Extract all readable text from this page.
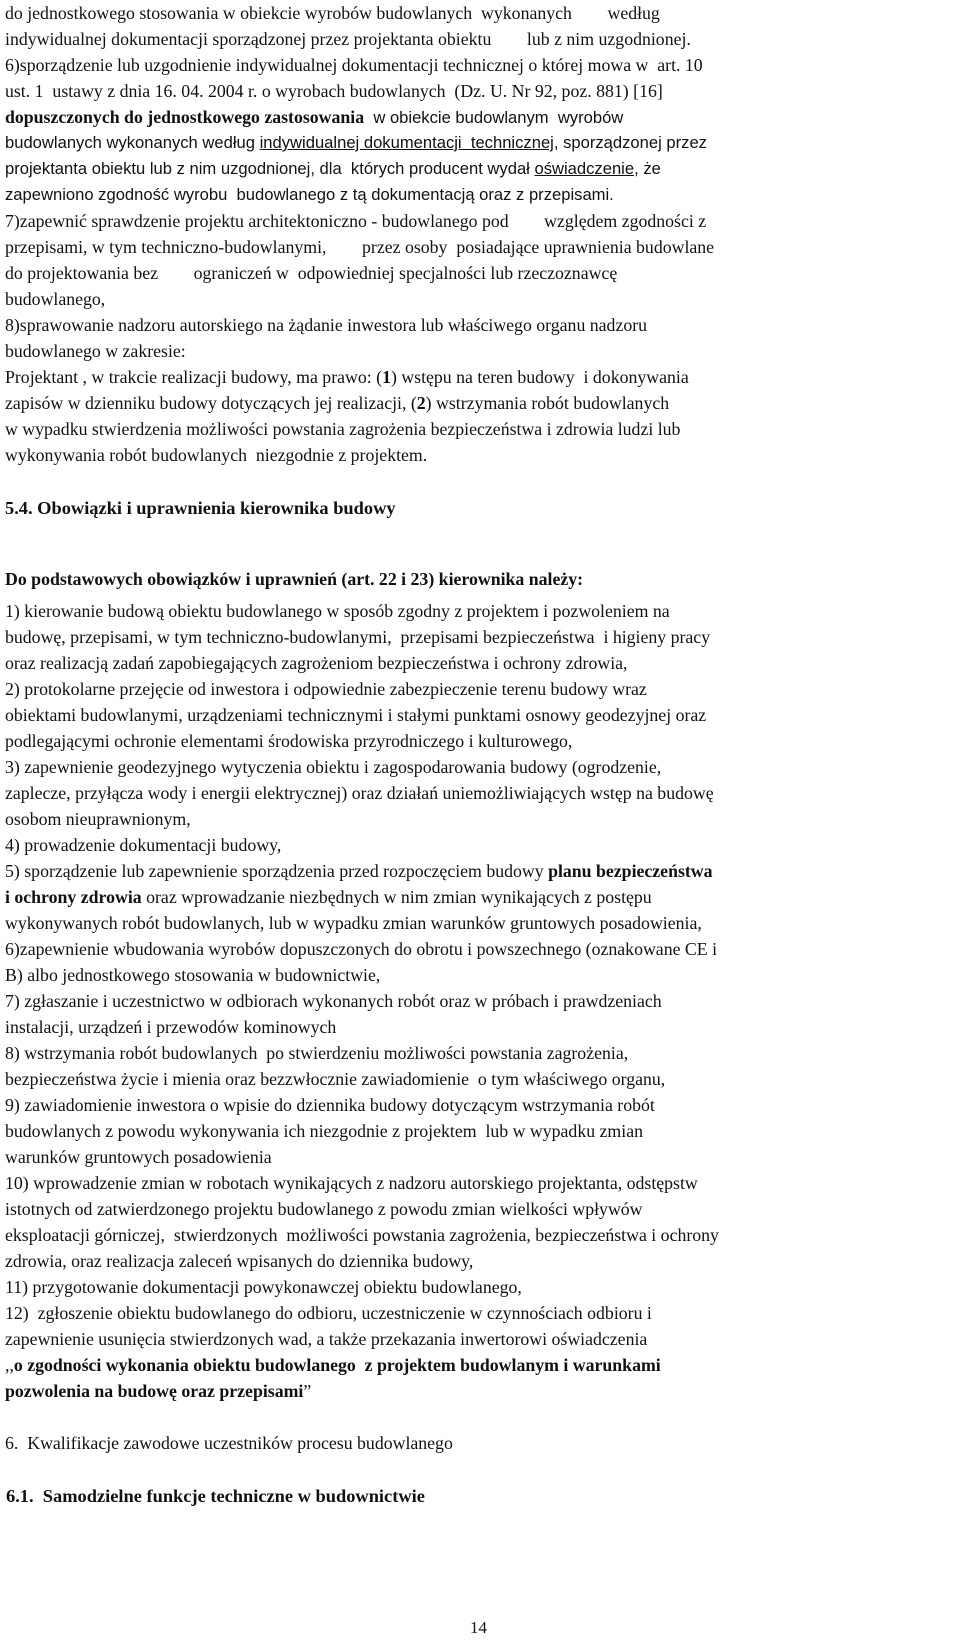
do jednostkowego stosowania w obiekcie wyrobów budowlanych  wykonanych        według

indywidualnej dokumentacji sporządzonej przez projektanta obiektu        lub z nim uzgodnionej.

6)sporządzenie lub uzgodnienie indywidualnej dokumentacji technicznej o której mowa w  art. 10

ust. 1  ustawy z dnia 16. 04. 2004 r. o wyrobach budowlanych  (Dz. U. Nr 92, poz. 881) [16]

dopuszczonych do jednostkowego zastosowania  w obiekcie budowlanym  wyrobów

budowlanych wykonanych według indywidualnej dokumentacji  technicznej, sporządzonej przez

projektanta obiektu lub z nim uzgodnionej, dla  których producent wydał oświadczenie, że

zapewniono zgodność wyrobu  budowlanego z tą dokumentacją oraz z przepisami.

7)zapewnić sprawdzenie projektu architektoniczno - budowlanego pod        względem zgodności z

przepisami, w tym techniczno-budowlanymi,        przez osoby  posiadające uprawnienia budowlane

do projektowania bez        ograniczeń w  odpowiedniej specjalności lub rzeczoznawcę

budowlanego,

8)sprawowanie nadzoru autorskiego na żądanie inwestora lub właściwego organu nadzoru

budowlanego w zakresie:

Projektant , w trakcie realizacji budowy, ma prawo: (1) wstępu na teren budowy  i dokonywania

zapisów w dzienniku budowy dotyczących jej realizacji, (2) wstrzymania robót budowlanych

w wypadku stwierdzenia możliwości powstania zagrożenia bezpieczeństwa i zdrowia ludzi lub

wykonywania robót budowlanych  niezgodnie z projektem.

5.4. Obowiązki i uprawnienia kierownika budowy

Do podstawowych obowiązków i uprawnień (art. 22 i 23) kierownika należy:

1) kierowanie budową obiektu budowlanego w sposób zgodny z projektem i pozwoleniem na

budowę, przepisami, w tym techniczno-budowlanymi,  przepisami bezpieczeństwa  i higieny pracy

oraz realizacją zadań zapobiegających zagrożeniom bezpieczeństwa i ochrony zdrowia,

2) protokolarne przejęcie od inwestora i odpowiednie zabezpieczenie terenu budowy wraz

obiektami budowlanymi, urządzeniami technicznymi i stałymi punktami osnowy geodezyjnej oraz

podlegającymi ochronie elementami środowiska przyrodniczego i kulturowego,

3) zapewnienie geodezyjnego wytyczenia obiektu i zagospodarowania budowy (ogrodzenie,

zaplecze, przyłącza wody i energii elektrycznej) oraz działań uniemożliwiających wstęp na budowę

osobom nieuprawnionym,

4) prowadzenie dokumentacji budowy,

5) sporządzenie lub zapewnienie sporządzenia przed rozpoczęciem budowy planu bezpieczeństwa

i ochrony zdrowia oraz wprowadzanie niezbędnych w nim zmian wynikających z postępu

wykonywanych robót budowlanych, lub w wypadku zmian warunków gruntowych posadowienia,

6)zapewnienie wbudowania wyrobów dopuszczonych do obrotu i powszechnego (oznakowane CE i

B) albo jednostkowego stosowania w budownictwie,

7) zgłaszanie i uczestnictwo w odbiorach wykonanych robót oraz w próbach i prawdzeniach

instalacji, urządzeń i przewodów kominowych

8) wstrzymania robót budowlanych  po stwierdzeniu możliwości powstania zagrożenia,

bezpieczeństwa życie i mienia oraz bezzwłocznie zawiadomienie  o tym właściwego organu,

9) zawiadomienie inwestora o wpisie do dziennika budowy dotyczącym wstrzymania robót

budowlanych z powodu wykonywania ich niezgodnie z projektem  lub w wypadku zmian

warunków gruntowych posadowienia

10) wprowadzenie zmian w robotach wynikających z nadzoru autorskiego projektanta, odstępstw

istotnych od zatwierdzonego projektu budowlanego z powodu zmian wielkości wpływów

eksploatacji górniczej,  stwierdzonych  możliwości powstania zagrożenia, bezpieczeństwa i ochrony

zdrowia, oraz realizacja zaleceń wpisanych do dziennika budowy,

11) przygotowanie dokumentacji powykonawczej obiektu budowlanego,

12)  zgłoszenie obiektu budowlanego do odbioru, uczestniczenie w czynnościach odbioru i

zapewnienie usunięcia stwierdzonych wad, a także przekazania inwertorowi oświadczenia

,,o zgodności wykonania obiektu budowlanego  z projektem budowlanym i warunkami

pozwolenia na budowę oraz przepisami”

6.  Kwalifikacje zawodowe uczestników procesu budowlanego

6.1.  Samodzielne funkcje techniczne w budownictwie

14
